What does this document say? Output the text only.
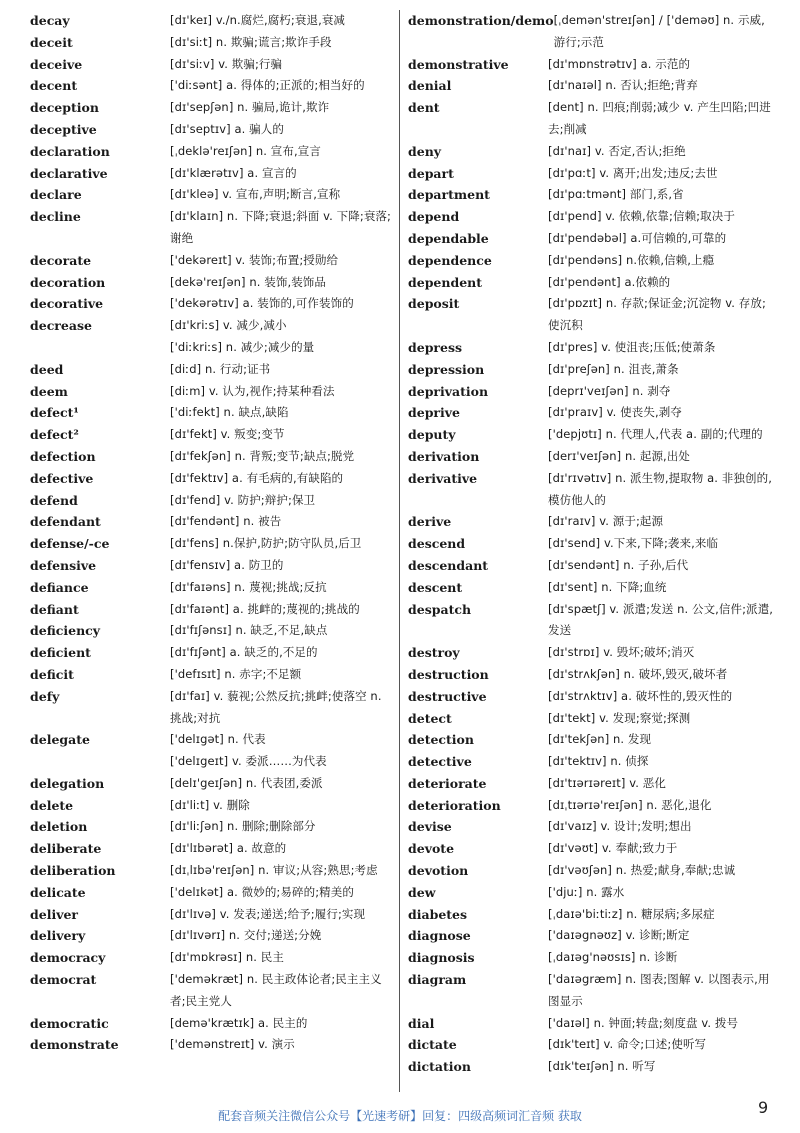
decay	[dɪ'keɪ] v./n.腐烂,腐朽;衰退,衰减
deceit	[dɪ'siːt] n. 欺骗;谎言;欺诈手段
deceive	[dɪ'siːv] v. 欺骗;行骗
decent	['diːsənt] a. 得体的;正派的;相当好的
deception	[dɪ'sepʃən] n. 骗局,诡计,欺诈
deceptive	[dɪ'septɪv] a. 骗人的
declaration	[ˌdeklə'reɪʃən] n. 宣布,宣言
declarative	[dɪ'klærətɪv] a. 宣言的
declare	[dɪ'kleə] v. 宣布,声明;断言,宣称
decline	[dɪ'klaɪn] n. 下降;衰退;斜面 v. 下降;衰落;谢绝
decorate	['dekəreɪt] v. 装饰;布置;授勋给
decoration	[dekə'reɪʃən] n. 装饰,装饰品
decorative	['dekərətɪv] a. 装饰的,可作装饰的
decrease	[dɪ'kriːs] v. 减少,减小
['diːkriːs] n. 减少;减少的量
deed	[diːd] n. 行动;证书
deem	[diːm] v. 认为,视作;持某种看法
defect¹	['diːfekt] n. 缺点,缺陷
defect²	[dɪ'fekt] v. 叛变;变节
defection	[dɪ'fekʃən] n. 背叛;变节;缺点;脱党
defective	[dɪ'fektɪv] a. 有毛病的,有缺陷的
defend	[dɪ'fend] v. 防护;辩护;保卫
defendant	[dɪ'fendənt] n. 被告
defense/-ce	[dɪ'fens] n.保护,防护;防守队员,后卫
defensive	[dɪ'fensɪv] a. 防卫的
defiance	[dɪ'faɪəns] n. 蔑视;挑战;反抗
defiant	[dɪ'faɪənt] a. 挑衅的;蔑视的;挑战的
deficiency	[dɪ'fɪʃənsɪ] n. 缺乏,不足,缺点
deficient	[dɪ'fɪʃənt] a. 缺乏的,不足的
deficit	['defɪsɪt] n. 赤字;不足额
defy	[dɪ'faɪ] v. 藐视;公然反抗;挑衅;使落空 n. 挑战;对抗
delegate	['delɪgət] n. 代表
['delɪgeɪt] v. 委派……为代表
delegation	[delɪ'geɪʃən] n. 代表团,委派
delete	[dɪ'liːt] v. 删除
deletion	[dɪ'liːʃən] n. 删除;删除部分
deliberate	[dɪ'lɪbərət] a. 故意的
deliberation	[dɪˌlɪbə'reɪʃən] n. 审议;从容;熟思;考虑
delicate	['delɪkət] a. 微妙的;易碎的;精美的
deliver	[dɪ'lɪvə] v. 发表;递送;给予;履行;实现
delivery	[dɪ'lɪvərɪ] n. 交付;递送;分娩
democracy	[dɪ'mɒkrəsɪ] n. 民主
democrat	['deməkræt] n. 民主政体论者;民主主义者;民主党人
democratic	[demə'krætɪk] a. 民主的
demonstrate	['demənstreɪt] v. 演示
demonstration/demo [ˌdemən'streɪʃən] / ['deməʊ] n. 示威,游行;示范
demonstrative	[dɪ'mɒnstrətɪv] a. 示范的
denial	[dɪ'naɪəl] n. 否认;拒绝;背弃
dent	[dent] n. 凹痕;削弱;减少 v. 产生凹陷;凹进去;削减
deny	[dɪ'naɪ] v. 否定,否认;拒绝
depart	[dɪ'pɑːt] v. 离开;出发;违反;去世
department	[dɪ'pɑːtmənt] 部门,系,省
depend	[dɪ'pend] v. 依赖,依靠;信赖;取决于
dependable	[dɪ'pendəbəl] a.可信赖的,可靠的
dependence	[dɪ'pendəns] n.依赖,信赖,上瘾
dependent	[dɪ'pendənt] a.依赖的
deposit	[dɪ'pɒzɪt] n. 存款;保证金;沉淀物 v. 存放;使沉积
depress	[dɪ'pres] v. 使沮丧;压低;使萧条
depression	[dɪ'preʃən] n. 沮丧,萧条
deprivation	[deprɪ'veɪʃən] n. 剥夺
deprive	[dɪ'praɪv] v. 使丧失,剥夺
deputy	['depjʊtɪ] n. 代理人,代表 a. 副的;代理的
derivation	[derɪ'veɪʃən] n. 起源,出处
derivative	[dɪ'rɪvətɪv] n. 派生物,提取物 a. 非独创的,模仿他人的
derive	[dɪ'raɪv] v. 源于;起源
descend	[dɪ'send] v.下来,下降;袭来,来临
descendant	[dɪ'sendənt] n. 子孙,后代
descent	[dɪ'sent] n. 下降;血统
despatch	[dɪ'spætʃ] v. 派遣;发送 n. 公文,信件;派遣,发送
destroy	[dɪ'strɒɪ] v. 毁坏;破坏;消灭
destruction	[dɪ'strʌkʃən] n. 破坏,毁灭,破坏者
destructive	[dɪ'strʌktɪv] a. 破坏性的,毁灭性的
detect	[dɪ'tekt] v. 发现;察觉;探测
detection	[dɪ'tekʃən] n. 发现
detective	[dɪ'tektɪv] n. 侦探
deteriorate	[dɪ'tɪərɪəreɪt] v. 恶化
deterioration	[dɪˌtɪərɪə'reɪʃən] n. 恶化,退化
devise	[dɪ'vaɪz] v. 设计;发明;想出
devote	[dɪ'vəʊt] v. 奉献;致力于
devotion	[dɪ'vəʊʃən] n. 热爱;献身,奉献;忠诚
dew	['djuː] n. 露水
diabetes	[ˌdaɪə'biːtiːz] n. 糖尿病;多尿症
diagnose	['daɪəgnəʊz] v. 诊断;断定
diagnosis	[ˌdaɪəg'nəʊsɪs] n. 诊断
diagram	['daɪəgræm] n. 图表;图解 v. 以图表示,用图显示
dial	['daɪəl] n. 钟面;转盘;刻度盘 v. 拨号
dictate	[dɪk'teɪt] v. 命令;口述;使听写
dictation	[dɪk'teɪʃən] n. 听写
配套音频关注微信公众号【光速考研】回复：四级高频词汇音频 获取	9
